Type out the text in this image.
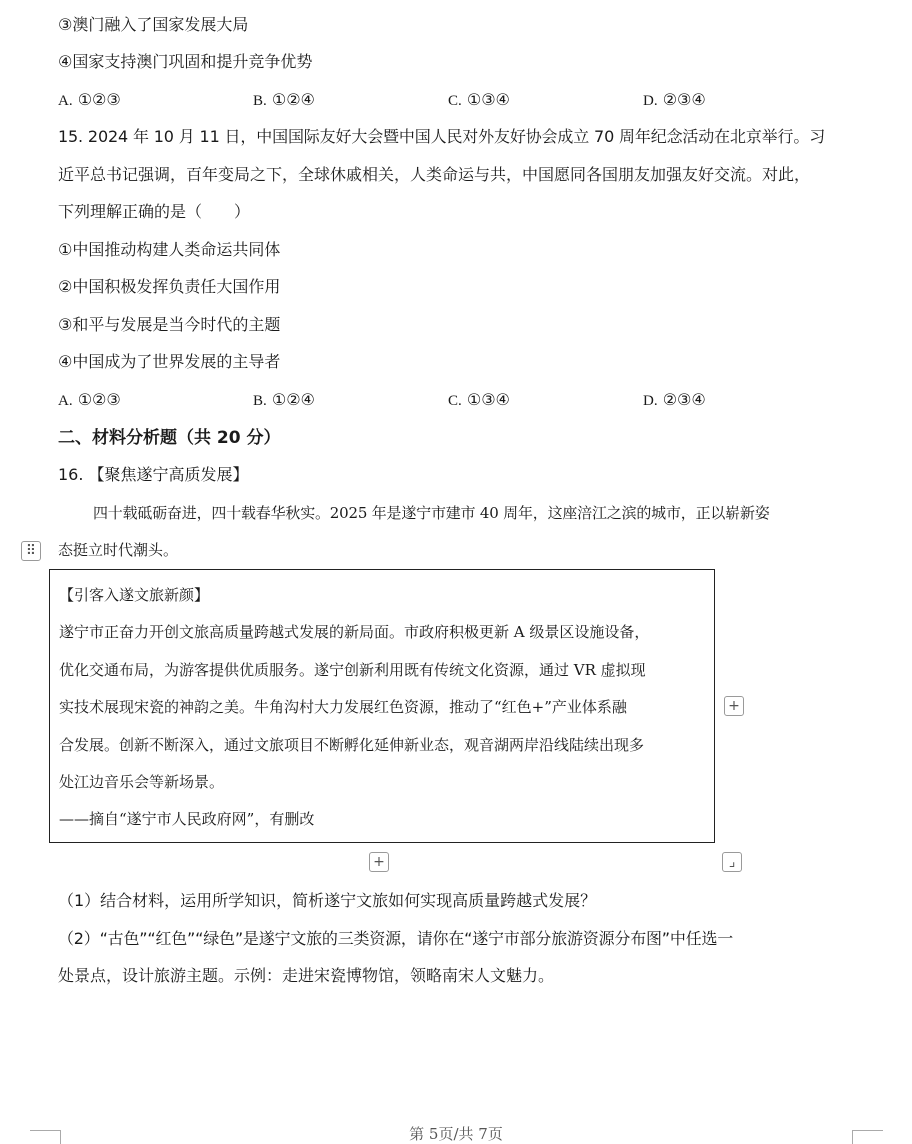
③澳门融入了国家发展大局
④国家支持澳门巩固和提升竞争优势
A. ①②③	B. ①②④	C. ①③④	D. ②③④
15. 2024 年 10 月 11 日，中国国际友好大会暨中国人民对外友好协会成立 70 周年纪念活动在北京举行。习
近平总书记强调，百年变局之下，全球休戚相关，人类命运与共，中国愿同各国朋友加强友好交流。对此，
下列理解正确的是（　　）
①中国推动构建人类命运共同体
②中国积极发挥负责任大国作用
③和平与发展是当今时代的主题
④中国成为了世界发展的主导者
A. ①②③	B. ①②④	C. ①③④	D. ②③④
二、材料分析题（共 20 分）
16. 【聚焦遂宁高质发展】
四十载砥砺奋进，四十载春华秋实。2025 年是遂宁市建市 40 周年，这座涪江之滨的城市，正以崭新姿
态挺立时代潮头。
⠿
【引客入遂文旅新颜】
遂宁市正奋力开创文旅高质量跨越式发展的新局面。市政府积极更新 A 级景区设施设备，
优化交通布局，为游客提供优质服务。遂宁创新利用既有传统文化资源，通过 VR 虚拟现
实技术展现宋瓷的神韵之美。牛角沟村大力发展红色资源，推动了“红色+”产业体系融
合发展。创新不断深入，通过文旅项目不断孵化延伸新业态，观音湖两岸沿线陆续出现多
处江边音乐会等新场景。
——摘自“遂宁市人民政府网”，有删改
+
+	⌟
（1）结合材料，运用所学知识，简析遂宁文旅如何实现高质量跨越式发展？
（2）“古色”“红色”“绿色”是遂宁文旅的三类资源，请你在“遂宁市部分旅游资源分布图”中任选一
处景点，设计旅游主题。示例：走进宋瓷博物馆，领略南宋人文魅力。
第 5页/共 7页
